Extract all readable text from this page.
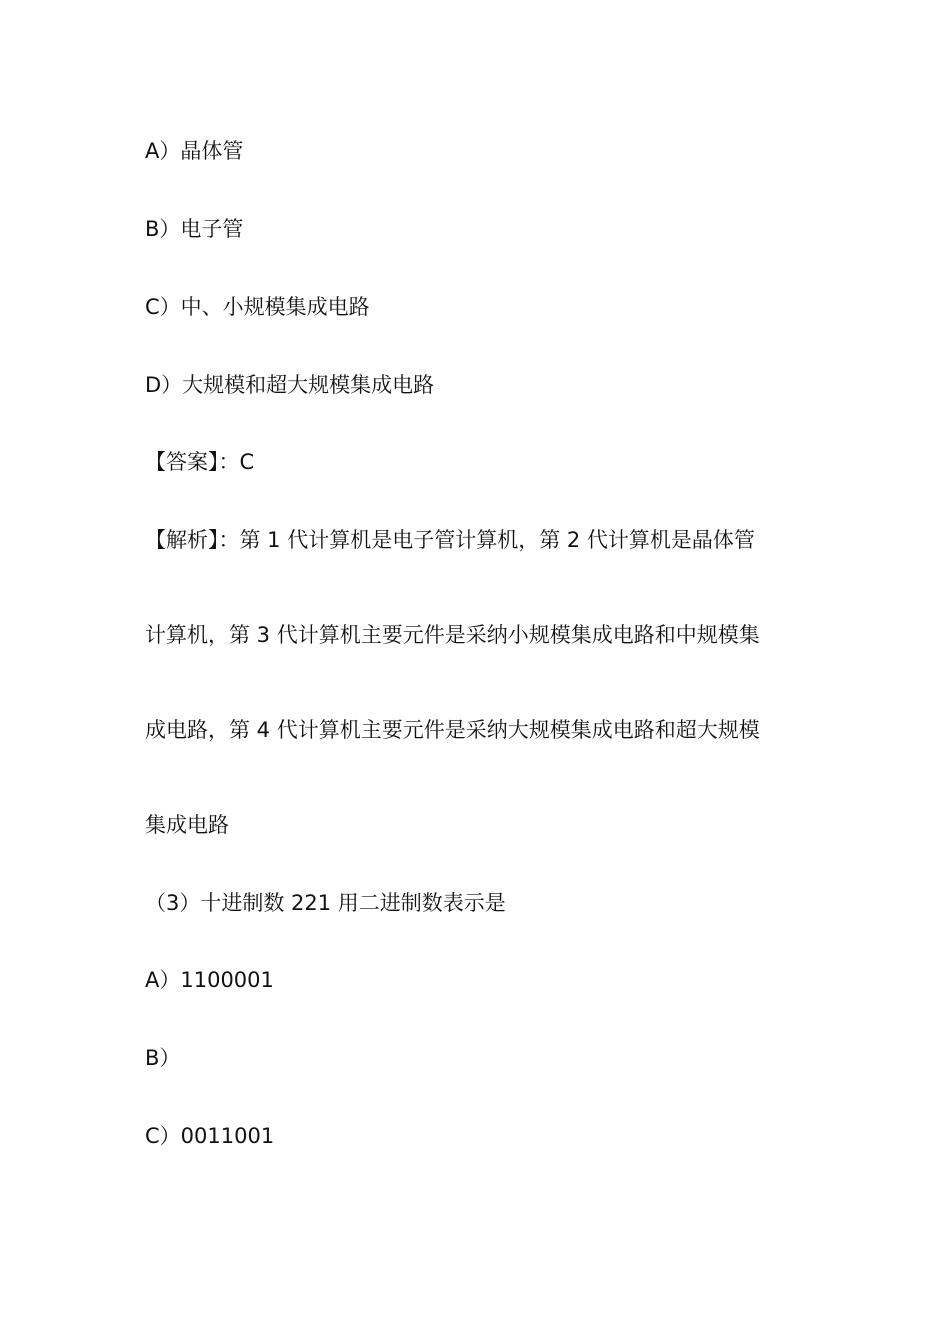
A）晶体管
B）电子管
C）中、小规模集成电路
D）大规模和超大规模集成电路
【答案】：C
【解析】：第 1 代计算机是电子管计算机，第 2 代计算机是晶体管
计算机，第 3 代计算机主要元件是采纳小规模集成电路和中规模集
成电路，第 4 代计算机主要元件是采纳大规模集成电路和超大规模
集成电路
（3）十进制数 221 用二进制数表示是
A）1100001
B）
C）0011001
